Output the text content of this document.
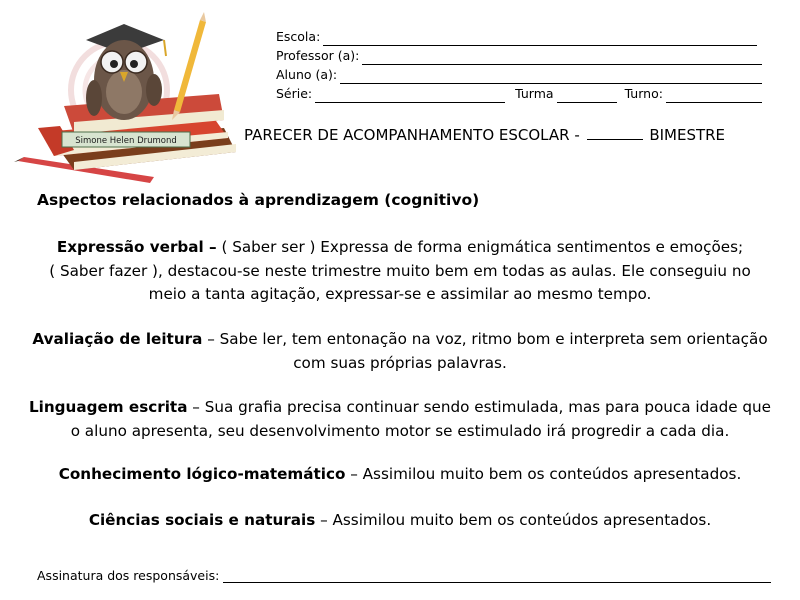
Simone Helen Drumond
Escola:
Professor (a):
Aluno (a):
Série:	Turma	Turno:
PARECER DE ACOMPANHAMENTO ESCOLAR -	BIMESTRE
Aspectos relacionados à aprendizagem (cognitivo)
Expressão verbal – ( Saber ser ) Expressa de forma enigmática sentimentos e emoções;
( Saber fazer ), destacou-se neste trimestre muito bem em todas as aulas. Ele conseguiu no
meio a tanta agitação, expressar-se e assimilar ao mesmo tempo.
Avaliação de leitura – Sabe ler, tem entonação na voz, ritmo bom e interpreta sem orientação
com suas próprias palavras.
Linguagem escrita – Sua grafia precisa continuar sendo estimulada, mas para pouca idade que
o aluno apresenta, seu desenvolvimento motor se estimulado irá progredir a cada dia.
Conhecimento lógico-matemático – Assimilou muito bem os conteúdos apresentados.
Ciências sociais e naturais – Assimilou muito bem os conteúdos apresentados.
Assinatura dos responsáveis:
